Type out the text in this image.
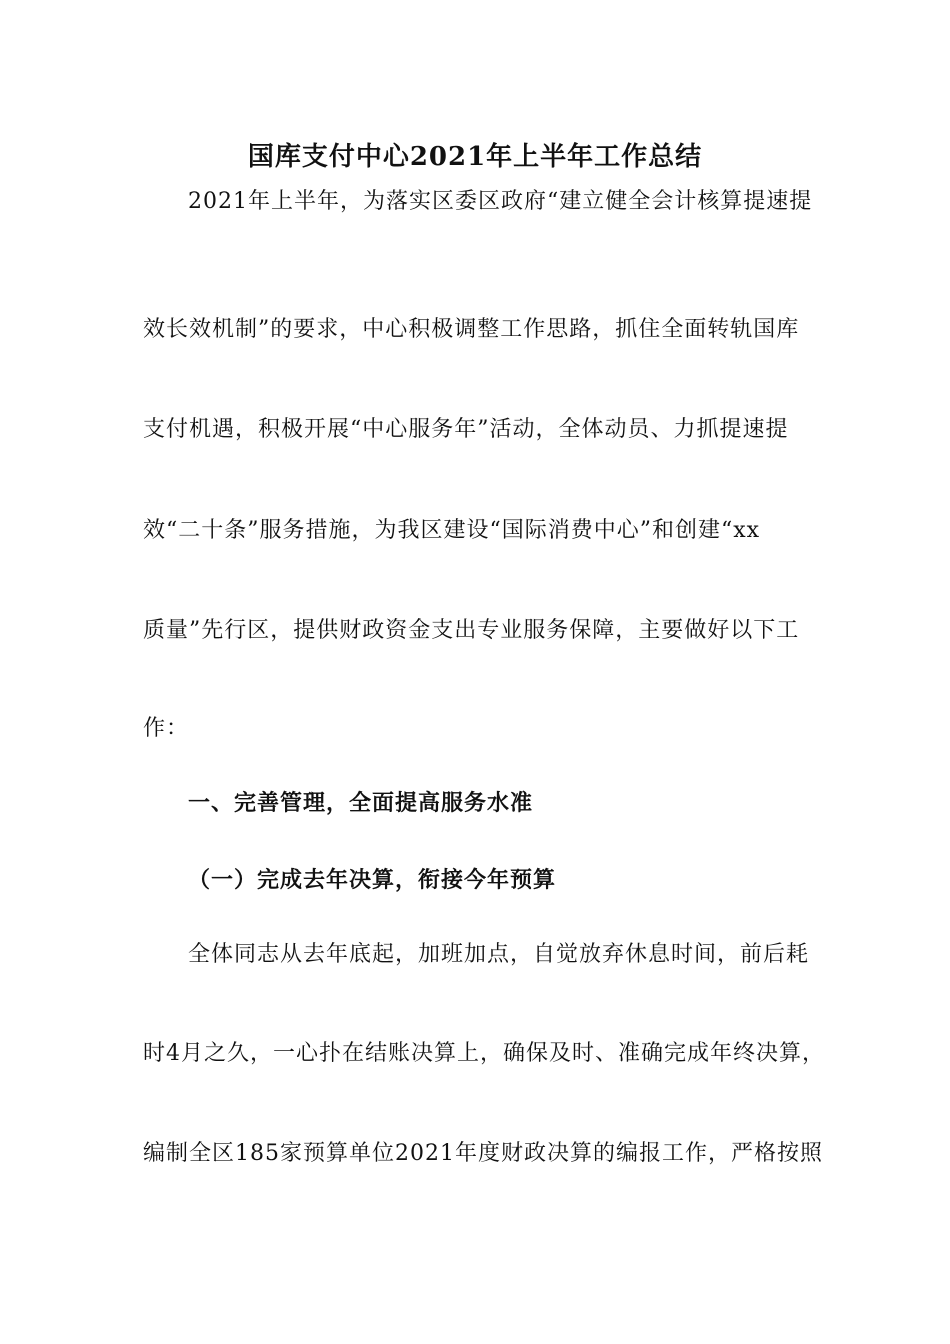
国库支付中心2021年上半年工作总结
2021年上半年，为落实区委区政府“建立健全会计核算提速提
效长效机制”的要求，中心积极调整工作思路，抓住全面转轨国库
支付机遇，积极开展“中心服务年”活动，全体动员、力抓提速提
效“二十条”服务措施，为我区建设“国际消费中心”和创建“xx
质量”先行区，提供财政资金支出专业服务保障，主要做好以下工
作：
一、完善管理，全面提高服务水准
（一）完成去年决算，衔接今年预算
全体同志从去年底起，加班加点，自觉放弃休息时间，前后耗
时4月之久，一心扑在结账决算上，确保及时、准确完成年终决算，
编制全区185家预算单位2021年度财政决算的编报工作，严格按照
